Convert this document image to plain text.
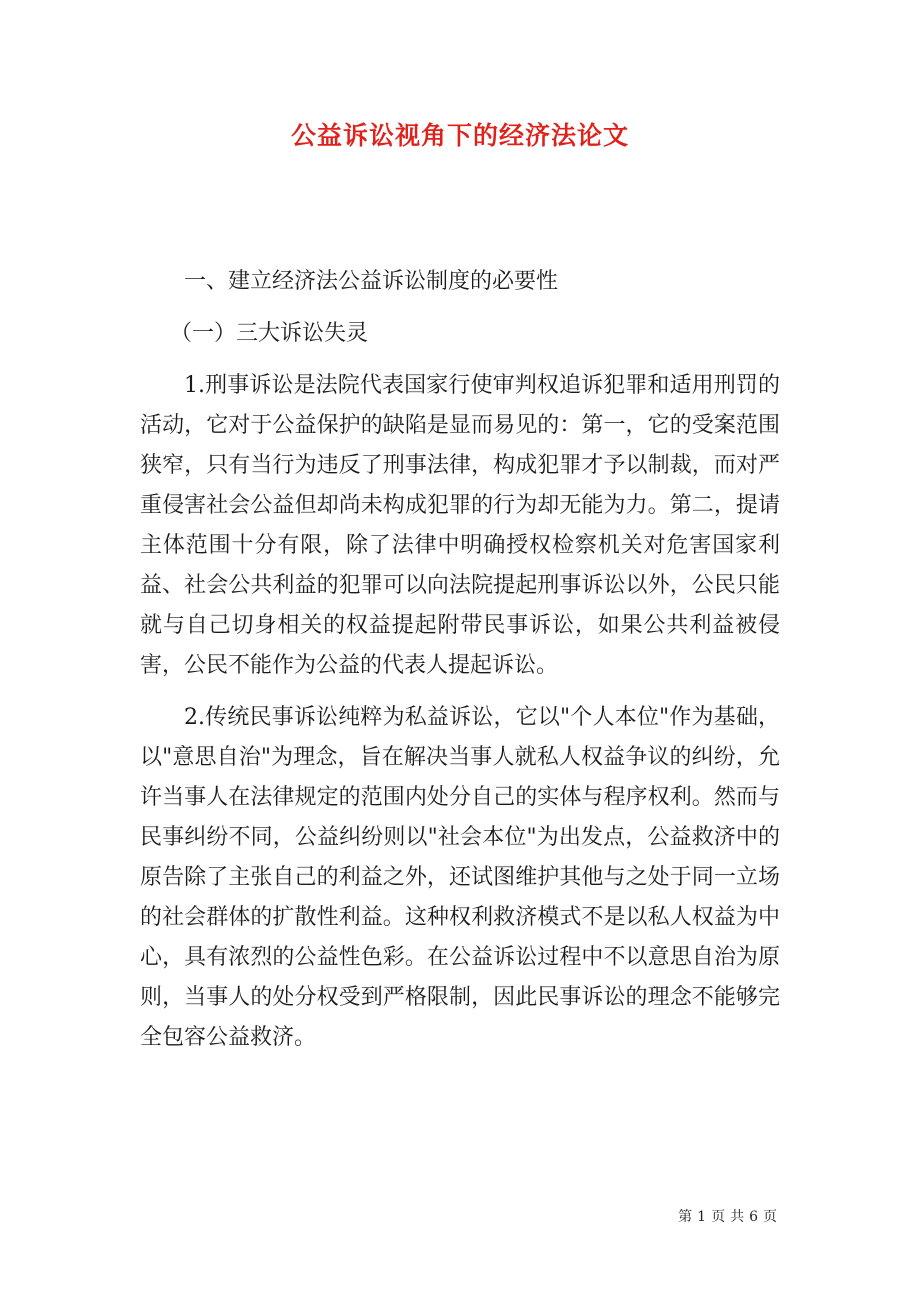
公益诉讼视角下的经济法论文

一、建立经济法公益诉讼制度的必要性

（一）三大诉讼失灵

1.刑事诉讼是法院代表国家行使审判权追诉犯罪和适用刑罚的活动，它对于公益保护的缺陷是显而易见的：第一，它的受案范围狭窄，只有当行为违反了刑事法律，构成犯罪才予以制裁，而对严重侵害社会公益但却尚未构成犯罪的行为却无能为力。第二，提请主体范围十分有限，除了法律中明确授权检察机关对危害国家利益、社会公共利益的犯罪可以向法院提起刑事诉讼以外，公民只能就与自己切身相关的权益提起附带民事诉讼，如果公共利益被侵害，公民不能作为公益的代表人提起诉讼。

2.传统民事诉讼纯粹为私益诉讼，它以"个人本位"作为基础，以"意思自治"为理念，旨在解决当事人就私人权益争议的纠纷，允许当事人在法律规定的范围内处分自己的实体与程序权利。然而与民事纠纷不同，公益纠纷则以"社会本位"为出发点，公益救济中的原告除了主张自己的利益之外，还试图维护其他与之处于同一立场的社会群体的扩散性利益。这种权利救济模式不是以私人权益为中心，具有浓烈的公益性色彩。在公益诉讼过程中不以意思自治为原则，当事人的处分权受到严格限制，因此民事诉讼的理念不能够完全包容公益救济。

第 1 页 共 6 页
